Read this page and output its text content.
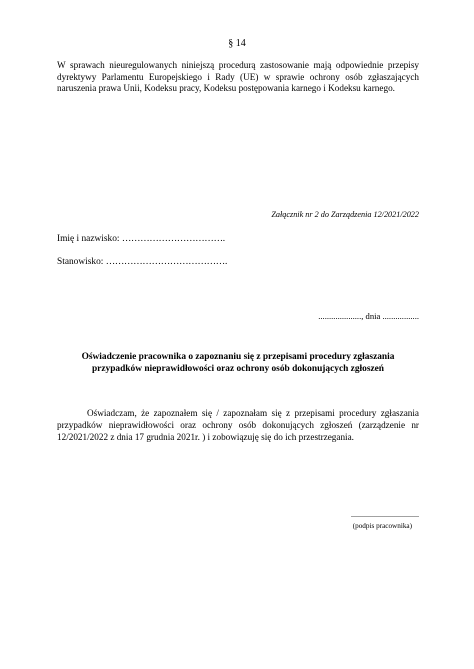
§ 14

W sprawach nieuregulowanych niniejszą procedurą zastosowanie mają odpowiednie przepisy dyrektywy Parlamentu Europejskiego i Rady (UE) w sprawie ochrony osób zgłaszających naruszenia prawa Unii, Kodeksu pracy, Kodeksu postępowania karnego i Kodeksu karnego.

Załącznik nr 2 do Zarządzenia 12/2021/2022
Imię i nazwisko: …………………………….
Stanowisko: ………………………………….
...................., dnia .................
Oświadczenie pracownika o zapoznaniu się z przepisami procedury zgłaszania
przypadków nieprawidłowości oraz ochrony osób dokonujących zgłoszeń

Oświadczam, że zapoznałem się / zapoznałam się z przepisami procedury zgłaszania przypadków nieprawidłowości oraz ochrony osób dokonujących zgłoszeń (zarządzenie nr 12/2021/2022 z dnia 17 grudnia 2021r. ) i zobowiązuję się do ich przestrzegania.

..................................
(podpis pracownika)
